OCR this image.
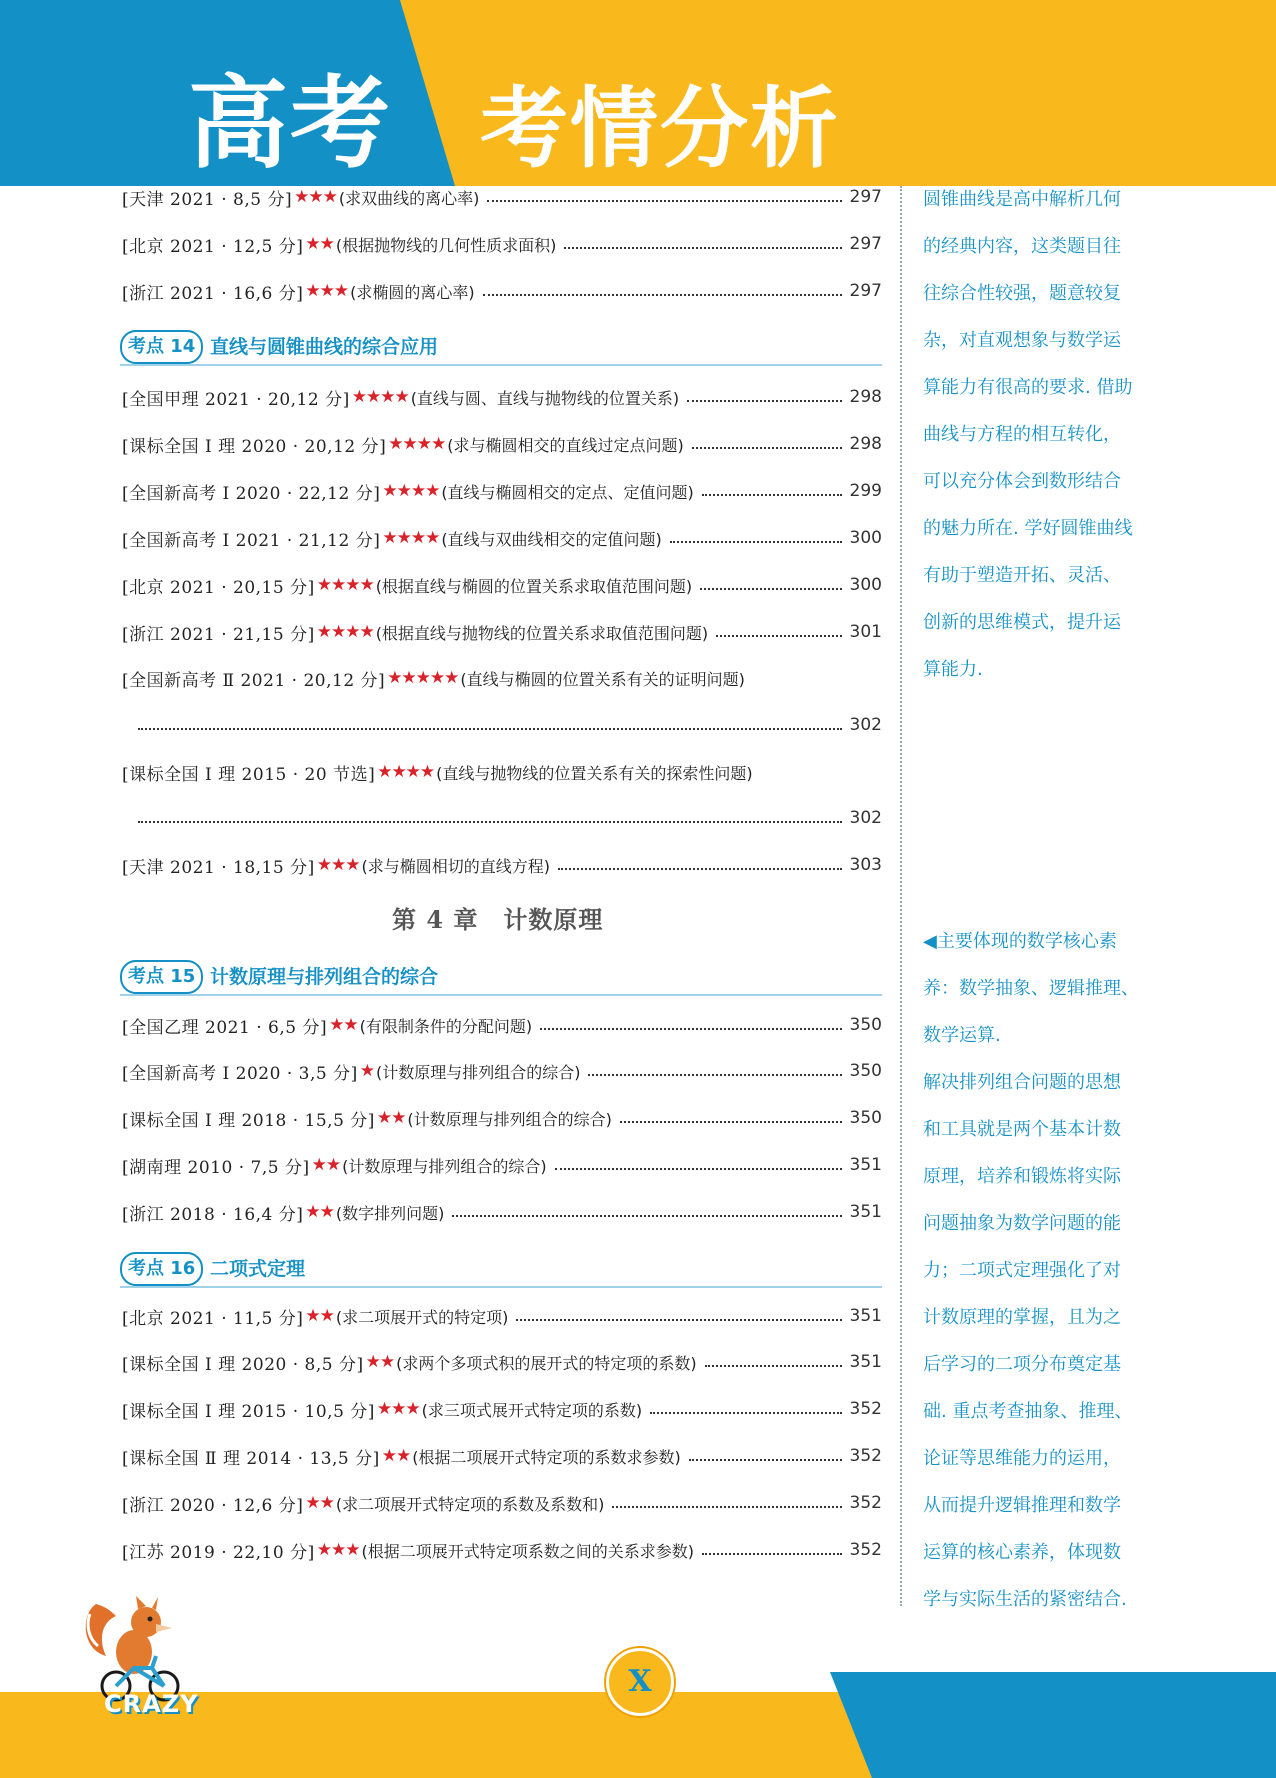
高考 考情分析
[天津 2021 · 8,5 分] ★★★ (求双曲线的离心率)	297
[北京 2021 · 12,5 分] ★★ (根据抛物线的几何性质求面积)	297
[浙江 2021 · 16,6 分] ★★★ (求椭圆的离心率)	297
考点 14 直线与圆锥曲线的综合应用
[全国甲理 2021 · 20,12 分] ★★★★ (直线与圆、直线与抛物线的位置关系)	298
[课标全国 Ⅰ 理 2020 · 20,12 分] ★★★★ (求与椭圆相交的直线过定点问题)	298
[全国新高考 Ⅰ 2020 · 22,12 分] ★★★★ (直线与椭圆相交的定点、定值问题)	299
[全国新高考 Ⅰ 2021 · 21,12 分] ★★★★ (直线与双曲线相交的定值问题)	300
[北京 2021 · 20,15 分] ★★★★ (根据直线与椭圆的位置关系求取值范围问题)	300
[浙江 2021 · 21,15 分] ★★★★ (根据直线与抛物线的位置关系求取值范围问题)	301
[全国新高考 Ⅱ 2021 · 20,12 分] ★★★★★ (直线与椭圆的位置关系有关的证明问题)
302
[课标全国 Ⅰ 理 2015 · 20 节选] ★★★★ (直线与抛物线的位置关系有关的探索性问题)
302
[天津 2021 · 18,15 分] ★★★ (求与椭圆相切的直线方程)	303
第 4 章　计数原理
考点 15 计数原理与排列组合的综合
[全国乙理 2021 · 6,5 分] ★★ (有限制条件的分配问题)	350
[全国新高考 Ⅰ 2020 · 3,5 分] ★ (计数原理与排列组合的综合)	350
[课标全国 Ⅰ 理 2018 · 15,5 分] ★★ (计数原理与排列组合的综合)	350
[湖南理 2010 · 7,5 分] ★★ (计数原理与排列组合的综合)	351
[浙江 2018 · 16,4 分] ★★ (数字排列问题)	351
考点 16 二项式定理
[北京 2021 · 11,5 分] ★★ (求二项展开式的特定项)	351
[课标全国 Ⅰ 理 2020 · 8,5 分] ★★ (求两个多项式积的展开式的特定项的系数)	351
[课标全国 Ⅰ 理 2015 · 10,5 分] ★★★ (求三项式展开式特定项的系数)	352
[课标全国 Ⅱ 理 2014 · 13,5 分] ★★ (根据二项展开式特定项的系数求参数)	352
[浙江 2020 · 12,6 分] ★★ (求二项展开式特定项的系数及系数和)	352
[江苏 2019 · 22,10 分] ★★★ (根据二项展开式特定项系数之间的关系求参数)	352

圆锥曲线是高中解析几何

的经典内容，这类题目往

往综合性较强，题意较复

杂，对直观想象与数学运

算能力有很高的要求. 借助

曲线与方程的相互转化，

可以充分体会到数形结合

的魅力所在. 学好圆锥曲线

有助于塑造开拓、灵活、

创新的思维模式，提升运

算能力.

◀主要体现的数学核心素

养：数学抽象、逻辑推理、

数学运算.

解决排列组合问题的思想

和工具就是两个基本计数

原理，培养和锻炼将实际

问题抽象为数学问题的能

力；二项式定理强化了对

计数原理的掌握，且为之

后学习的二项分布奠定基

础. 重点考查抽象、推理、

论证等思维能力的运用，

从而提升逻辑推理和数学

运算的核心素养，体现数

学与实际生活的紧密结合.

X
CRAZY
